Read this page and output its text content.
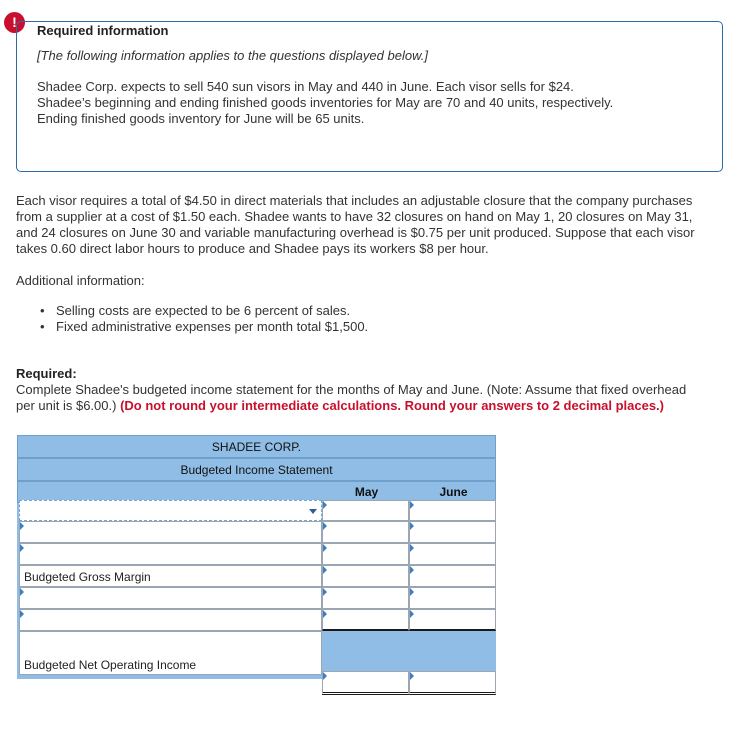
!
Required information
[The following information applies to the questions displayed below.]
Shadee Corp. expects to sell 540 sun visors in May and 440 in June. Each visor sells for $24.
Shadee’s beginning and ending finished goods inventories for May are 70 and 40 units, respectively.
Ending finished goods inventory for June will be 65 units.
Each visor requires a total of $4.50 in direct materials that includes an adjustable closure that the company purchases
from a supplier at a cost of $1.50 each. Shadee wants to have 32 closures on hand on May 1, 20 closures on May 31,
and 24 closures on June 30 and variable manufacturing overhead is $0.75 per unit produced. Suppose that each visor
takes 0.60 direct labor hours to produce and Shadee pays its workers $8 per hour.
Additional information:
• Selling costs are expected to be 6 percent of sales.
• Fixed administrative expenses per month total $1,500.
Required:
Complete Shadee's budgeted income statement for the months of May and June. (Note: Assume that fixed overhead
per unit is $6.00.) (Do not round your intermediate calculations. Round your answers to 2 decimal places.)
SHADEE CORP.
Budgeted Income Statement
May	June
Budgeted Gross Margin
Budgeted Net Operating Income
